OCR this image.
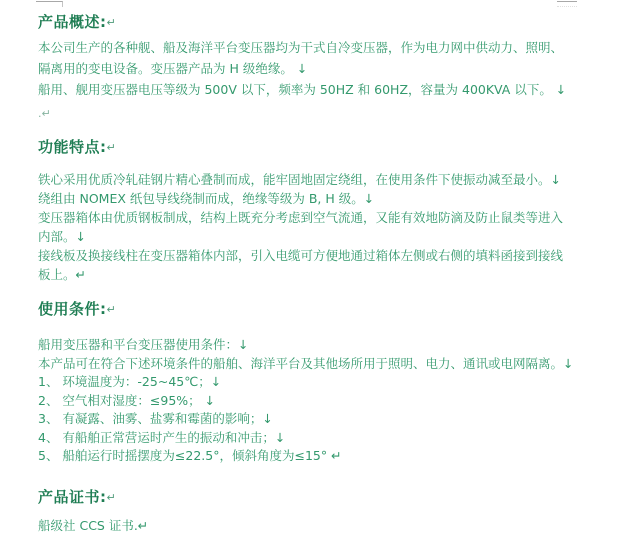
产品概述:↵
本公司生产的各种舰、船及海洋平台变压器均为干式自冷变压器，作为电力网中供动力、照明、
隔离用的变电设备。变压器产品为 H 级绝缘。 ↓
船用、舰用变压器电压等级为 500V 以下，频率为 50HZ 和 60HZ，容量为 400KVA 以下。 ↓
.↵
功能特点:↵
铁心采用优质冷轧硅钢片精心叠制而成，能牢固地固定绕组，在使用条件下使振动减至最小。↓
绕组由 NOMEX 纸包导线绕制而成，绝缘等级为 B, H 级。↓
变压器箱体由优质钢板制成，结构上既充分考虑到空气流通，又能有效地防滴及防止鼠类等进入
内部。↓
接线板及换接线柱在变压器箱体内部，引入电缆可方便地通过箱体左侧或右侧的填料函接到接线
板上。↵
使用条件:↵
船用变压器和平台变压器使用条件：↓
本产品可在符合下述环境条件的船舶、海洋平台及其他场所用于照明、电力、通讯或电网隔离。↓
1、 环境温度为：-25~45℃；↓
2、 空气相对湿度：≤95%； ↓
3、 有凝露、油雾、盐雾和霉菌的影响；↓
4、 有船舶正常营运时产生的振动和冲击；↓
5、 船舶运行时摇摆度为≤22.5°，倾斜角度为≤15° ↵
产品证书:↵
船级社 CCS 证书.↵
